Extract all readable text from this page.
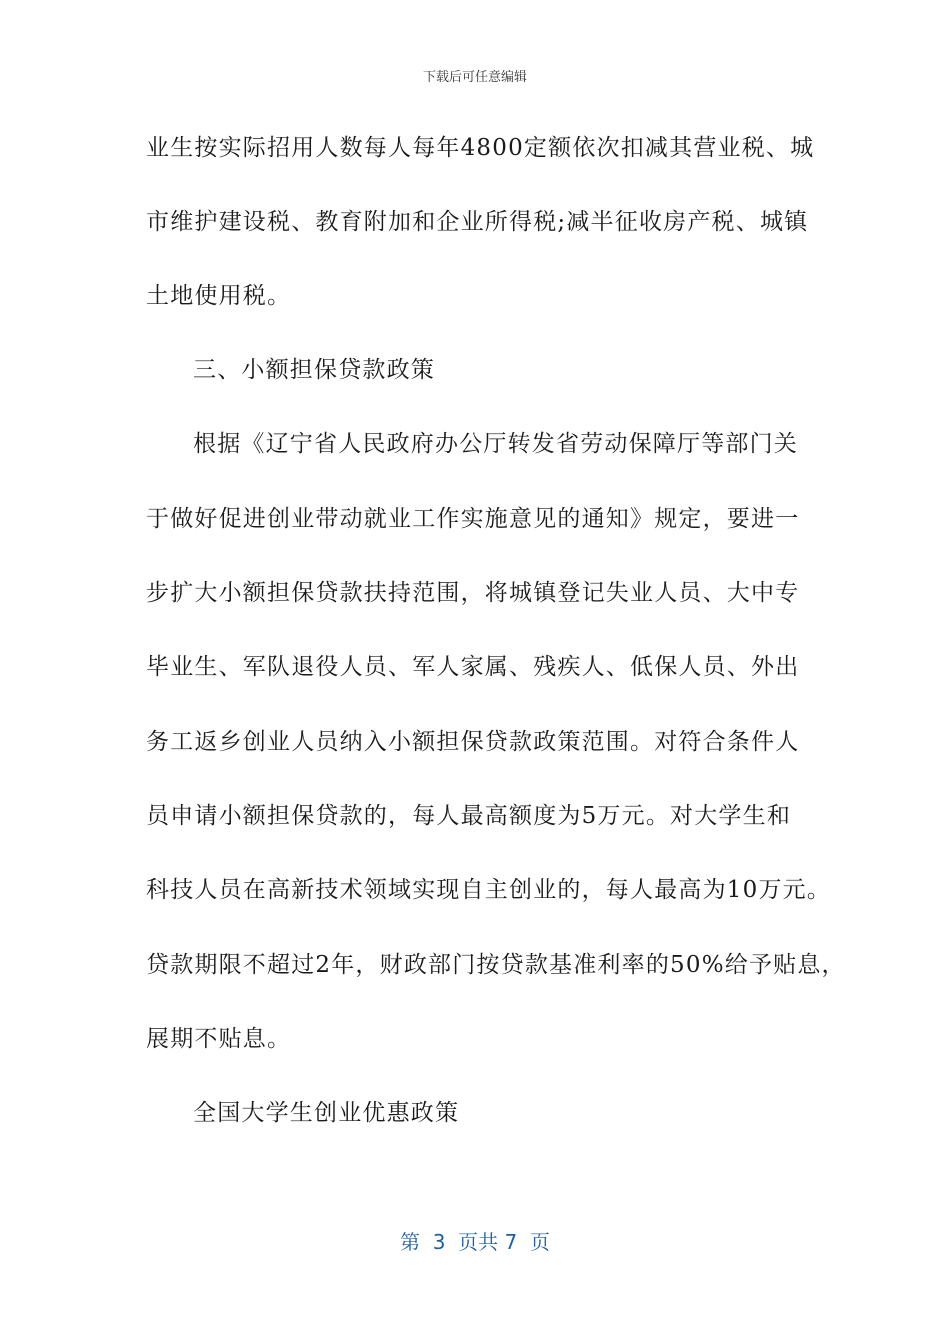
下载后可任意编辑
业生按实际招用人数每人每年4800定额依次扣减其营业税、城
市维护建设税、教育附加和企业所得税;减半征收房产税、城镇
土地使用税。
三、小额担保贷款政策
根据《辽宁省人民政府办公厅转发省劳动保障厅等部门关
于做好促进创业带动就业工作实施意见的通知》规定，要进一
步扩大小额担保贷款扶持范围，将城镇登记失业人员、大中专
毕业生、军队退役人员、军人家属、残疾人、低保人员、外出
务工返乡创业人员纳入小额担保贷款政策范围。对符合条件人
员申请小额担保贷款的，每人最高额度为5万元。对大学生和
科技人员在高新技术领域实现自主创业的，每人最高为10万元。
贷款期限不超过2年，财政部门按贷款基准利率的50%给予贴息，
展期不贴息。
全国大学生创业优惠政策
第  3  页共 7  页
